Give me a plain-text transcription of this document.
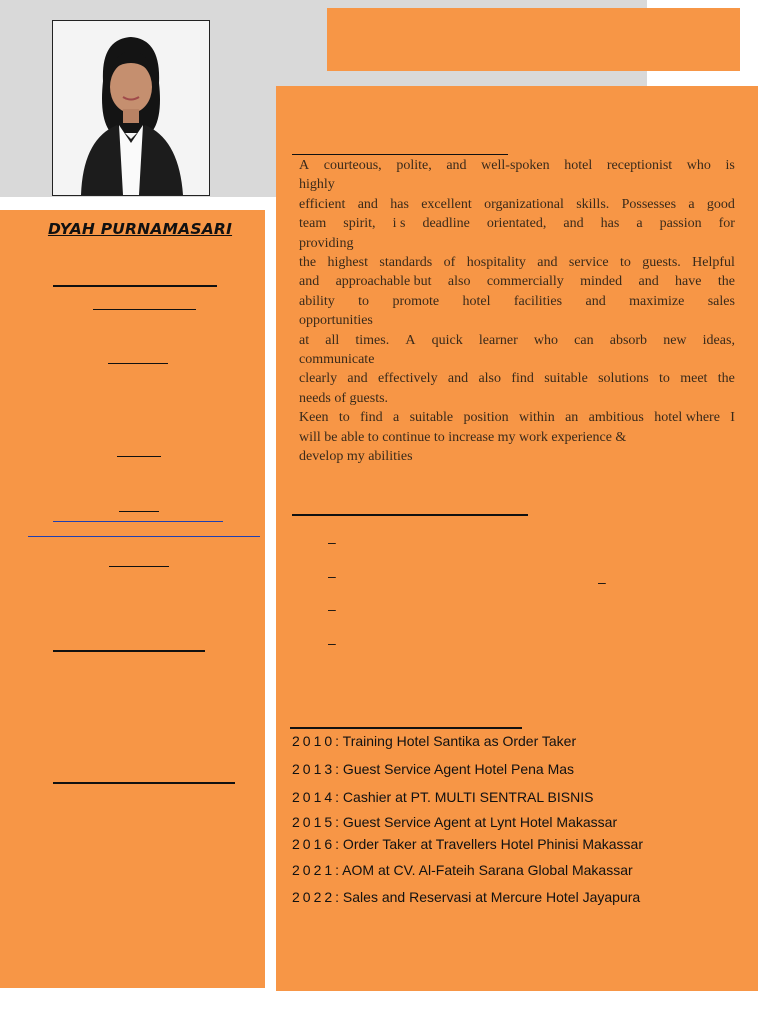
DYAH PURNAMASARI
A courteous, polite, and well-spoken hotel receptionist who is
highly
efficient and has excellent organizational skills. Possesses a good
team spirit, i s deadline orientated, and has a passion for
providing
the highest standards of hospitality and service to guests. Helpful
and approachable but also commercially minded and have the
ability to promote hotel facilities and maximize sales
opportunities
at all times. A quick learner who can absorb new ideas,
communicate
clearly and effectively and also find suitable solutions to meet the
needs of guests.
Keen to find a suitable position within an ambitious hotel where I
will be able to continue to increase my work experience &
develop my abilities
–
–	–
–
–
2010: Training Hotel Santika as Order Taker
2013: Guest Service Agent Hotel Pena Mas
2014: Cashier at PT. MULTI SENTRAL BISNIS
2015: Guest Service Agent at Lynt Hotel Makassar
2016: Order Taker at Travellers Hotel Phinisi Makassar
2021: AOM at CV. Al-Fateih Sarana Global Makassar
2022: Sales and Reservasi at Mercure Hotel Jayapura
